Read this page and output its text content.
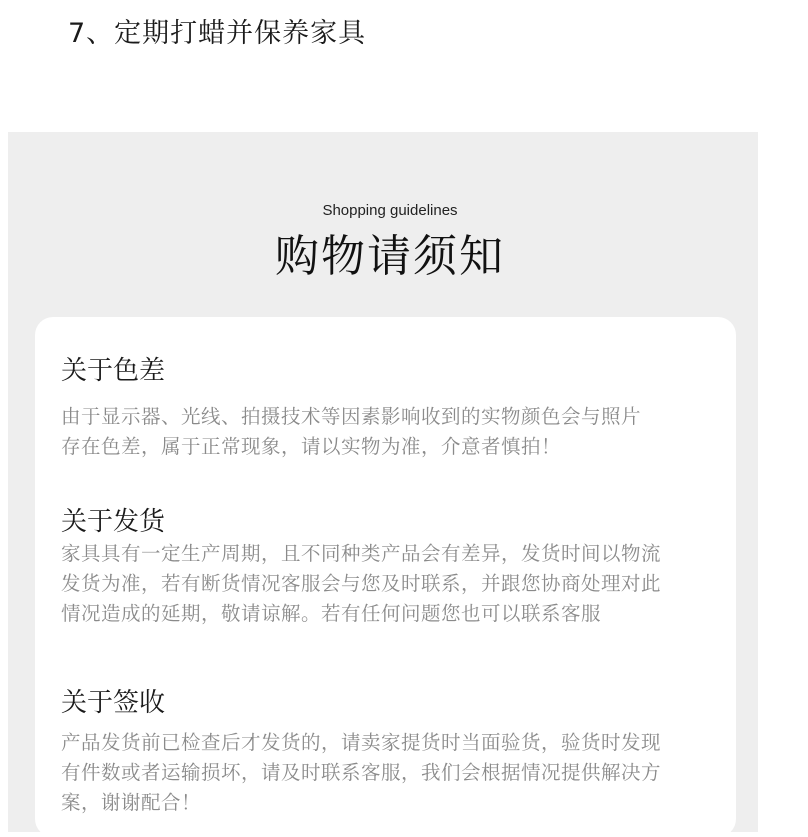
7、定期打蜡并保养家具
Shopping guidelines
购物请须知
关于色差

由于显示器、光线、拍摄技术等因素影响收到的实物颜色会与照片
存在色差，属于正常现象，请以实物为准，介意者慎拍！

关于发货

家具具有一定生产周期，且不同种类产品会有差异，发货时间以物流
发货为准，若有断货情况客服会与您及时联系，并跟您协商处理对此
情况造成的延期，敬请谅解。若有任何问题您也可以联系客服

关于签收

产品发货前已检查后才发货的，请卖家提货时当面验货，验货时发现
有件数或者运输损坏，请及时联系客服，我们会根据情况提供解决方
案，谢谢配合！
